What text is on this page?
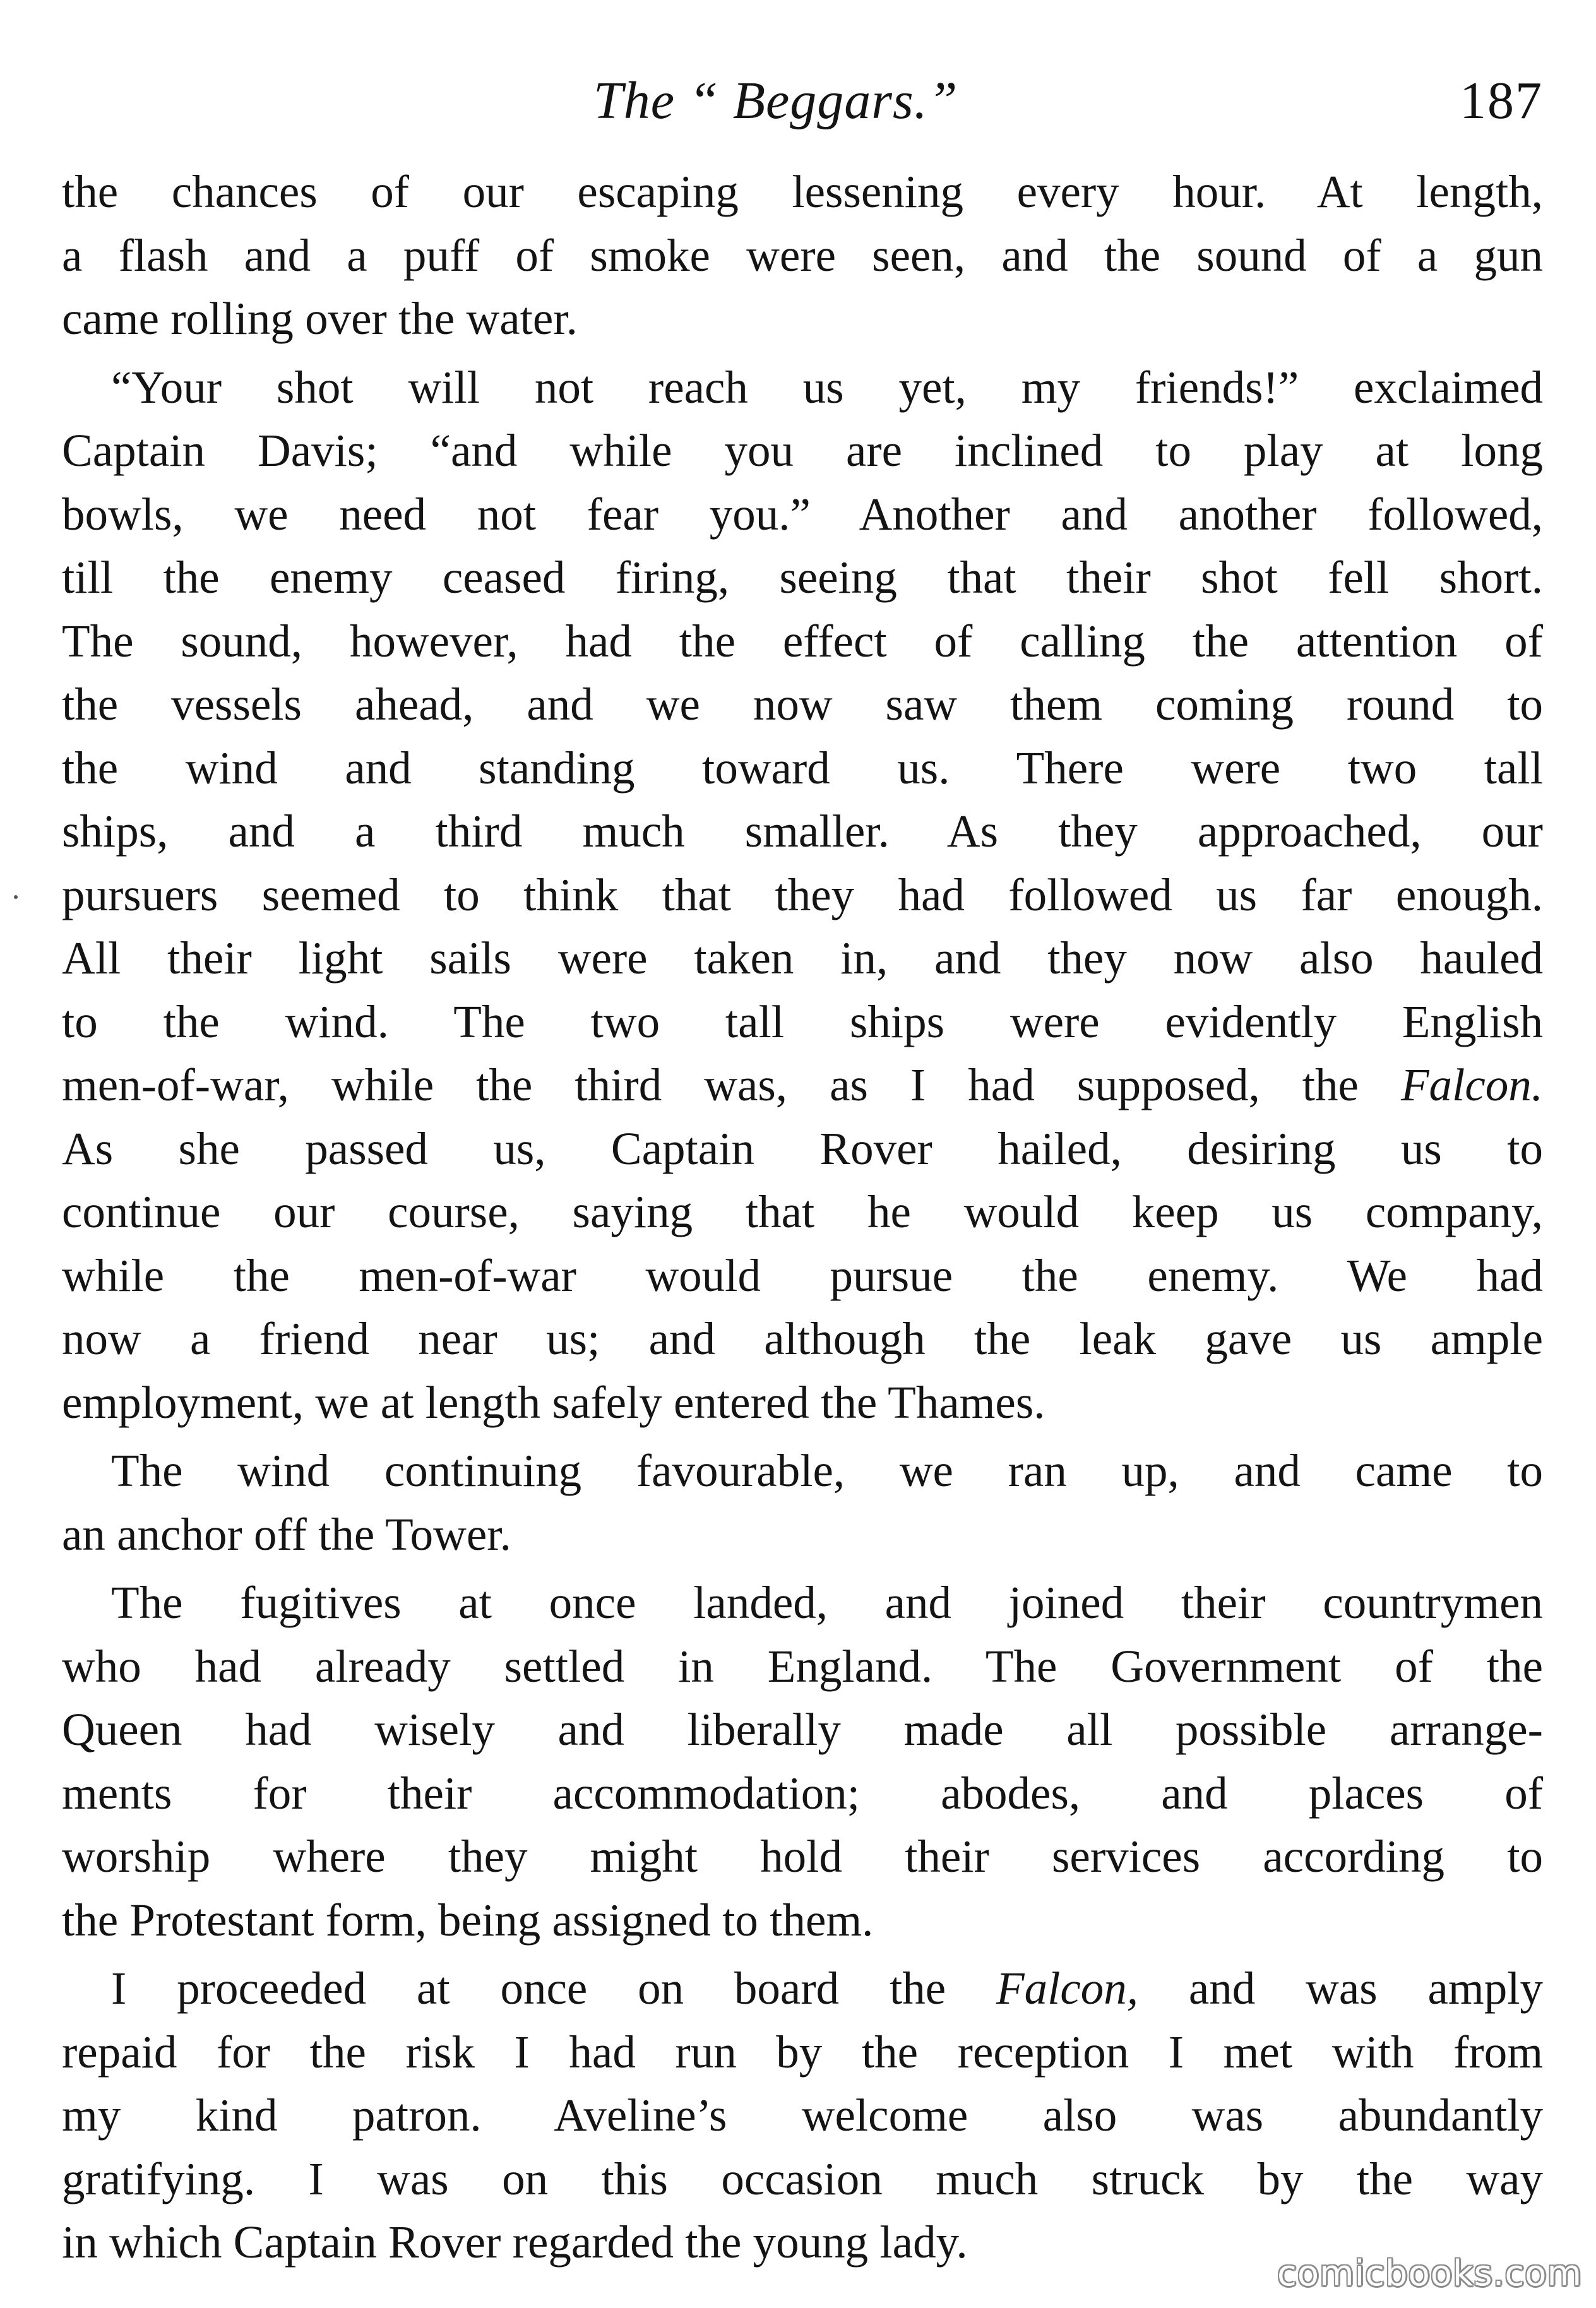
The “ Beggars.”	187

the chances of our escaping lessening every hour. At length,
a flash and a puff of smoke were seen, and the sound of a gun
came rolling over the water.

“Your shot will not reach us yet, my friends!” exclaimed
Captain Davis; “and while you are inclined to play at long
bowls, we need not fear you.” Another and another followed,
till the enemy ceased firing, seeing that their shot fell short.
The sound, however, had the effect of calling the attention of
the vessels ahead, and we now saw them coming round to
the wind and standing toward us. There were two tall
ships, and a third much smaller. As they approached, our
pursuers seemed to think that they had followed us far enough.
All their light sails were taken in, and they now also hauled
to the wind. The two tall ships were evidently English
men-of-war, while the third was, as I had supposed, the Falcon.
As she passed us, Captain Rover hailed, desiring us to
continue our course, saying that he would keep us company,
while the men-of-war would pursue the enemy. We had
now a friend near us; and although the leak gave us ample
employment, we at length safely entered the Thames.

The wind continuing favourable, we ran up, and came to
an anchor off the Tower.

The fugitives at once landed, and joined their countrymen
who had already settled in England. The Government of the
Queen had wisely and liberally made all possible arrange-
ments for their accommodation; abodes, and places of
worship where they might hold their services according to
the Protestant form, being assigned to them.

I proceeded at once on board the Falcon, and was amply
repaid for the risk I had run by the reception I met with from
my kind patron. Aveline’s welcome also was abundantly
gratifying. I was on this occasion much struck by the way
in which Captain Rover regarded the young lady.

comicbooks.com
